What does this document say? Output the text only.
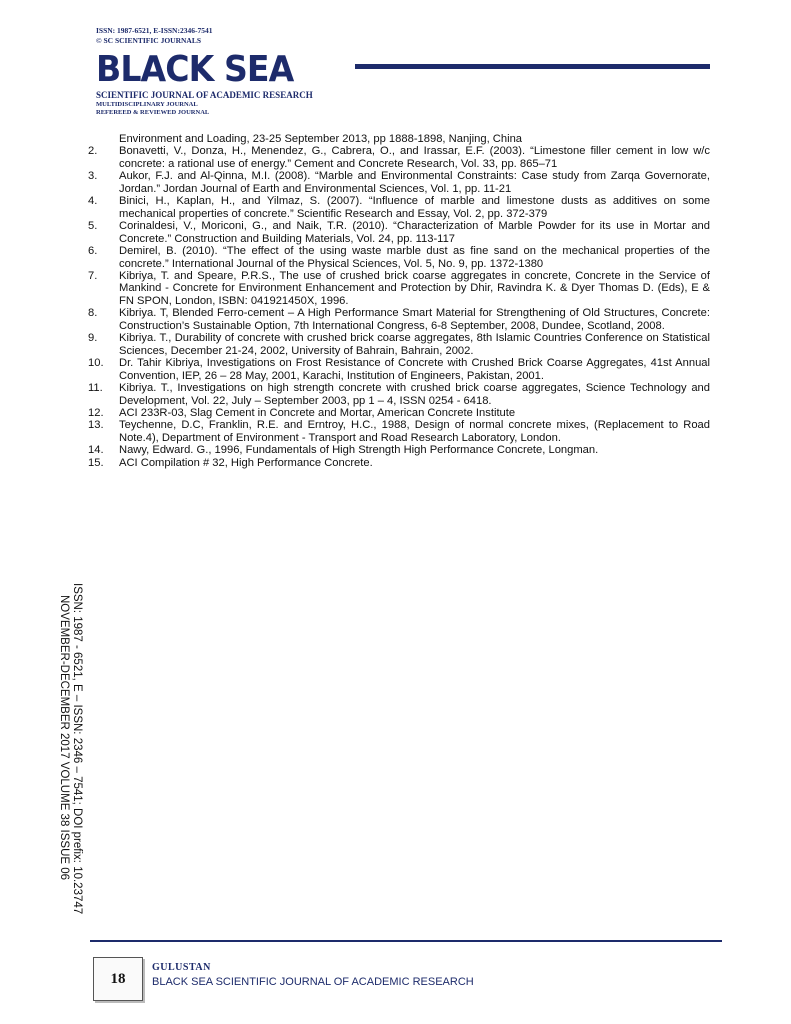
ISSN: 1987-6521, E-ISSN:2346-7541
© SC SCIENTIFIC JOURNALS
BLACK SEA
SCIENTIFIC JOURNAL OF ACADEMIC RESEARCH
MULTIDISCIPLINARY JOURNAL
REFEREED & REVIEWED JOURNAL
Environment and Loading, 23-25 September 2013, pp 1888-1898, Nanjing, China
2.	Bonavetti, V., Donza, H., Menendez, G., Cabrera, O., and Irassar, E.F. (2003). “Limestone filler cement in low w/c concrete: a rational use of energy.” Cement and Concrete Research, Vol. 33, pp. 865–71
3.	Aukor, F.J. and Al-Qinna, M.I. (2008). “Marble and Environmental Constraints: Case study from Zarqa Governorate, Jordan.” Jordan Journal of Earth and Environmental Sciences, Vol. 1, pp. 11-21
4.	Binici, H., Kaplan, H., and Yilmaz, S. (2007). “Influence of marble and limestone dusts as additives on some mechanical properties of concrete.” Scientific Research and Essay, Vol. 2, pp. 372-379
5.	Corinaldesi, V., Moriconi, G., and Naik, T.R. (2010). “Characterization of Marble Powder for its use in Mortar and Concrete.” Construction and Building Materials, Vol. 24, pp. 113-117
6.	Demirel, B. (2010). “The effect of the using waste marble dust as fine sand on the mechanical properties of the concrete.” International Journal of the Physical Sciences, Vol. 5, No. 9, pp. 1372-1380
7.	Kibriya, T. and Speare, P.R.S., The use of crushed brick coarse aggregates in concrete, Concrete in the Service of Mankind - Concrete for Environment Enhancement and Protection by Dhir, Ravindra K. & Dyer Thomas D. (Eds), E & FN SPON, London, ISBN: 041921450X, 1996.
8.	Kibriya. T, Blended Ferro-cement – A High Performance Smart Material for Strengthening of Old Structures, Concrete: Construction’s Sustainable Option, 7th International Congress, 6-8 September, 2008, Dundee, Scotland, 2008.
9.	Kibriya. T., Durability of concrete with crushed brick coarse aggregates, 8th Islamic Countries Conference on Statistical Sciences, December 21-24, 2002, University of Bahrain, Bahrain, 2002.
10.	Dr. Tahir Kibriya, Investigations on Frost Resistance of Concrete with Crushed Brick Coarse Aggregates, 41st Annual Convention, IEP, 26 – 28 May, 2001, Karachi, Institution of Engineers, Pakistan, 2001.
11.	Kibriya. T., Investigations on high strength concrete with crushed brick coarse aggregates, Science Technology and Development, Vol. 22, July – September 2003, pp 1 – 4, ISSN 0254 - 6418.
12.	ACI 233R-03, Slag Cement in Concrete and Mortar, American Concrete Institute
13.	Teychenne, D.C, Franklin, R.E. and Erntroy, H.C., 1988, Design of normal concrete mixes, (Replacement to Road Note.4), Department of Environment - Transport and Road Research Laboratory, London.
14.	Nawy, Edward. G., 1996, Fundamentals of High Strength High Performance Concrete, Longman.
15.	ACI Compilation # 32, High Performance Concrete.
ISSN: 1987 - 6521, E – ISSN: 2346 – 7541; DOI prefix: 10.23747
NOVEMBER-DECEMBER 2017 VOLUME 38 ISSUE 06
18
GULUSTAN
BLACK SEA SCIENTIFIC JOURNAL OF ACADEMIC RESEARCH
